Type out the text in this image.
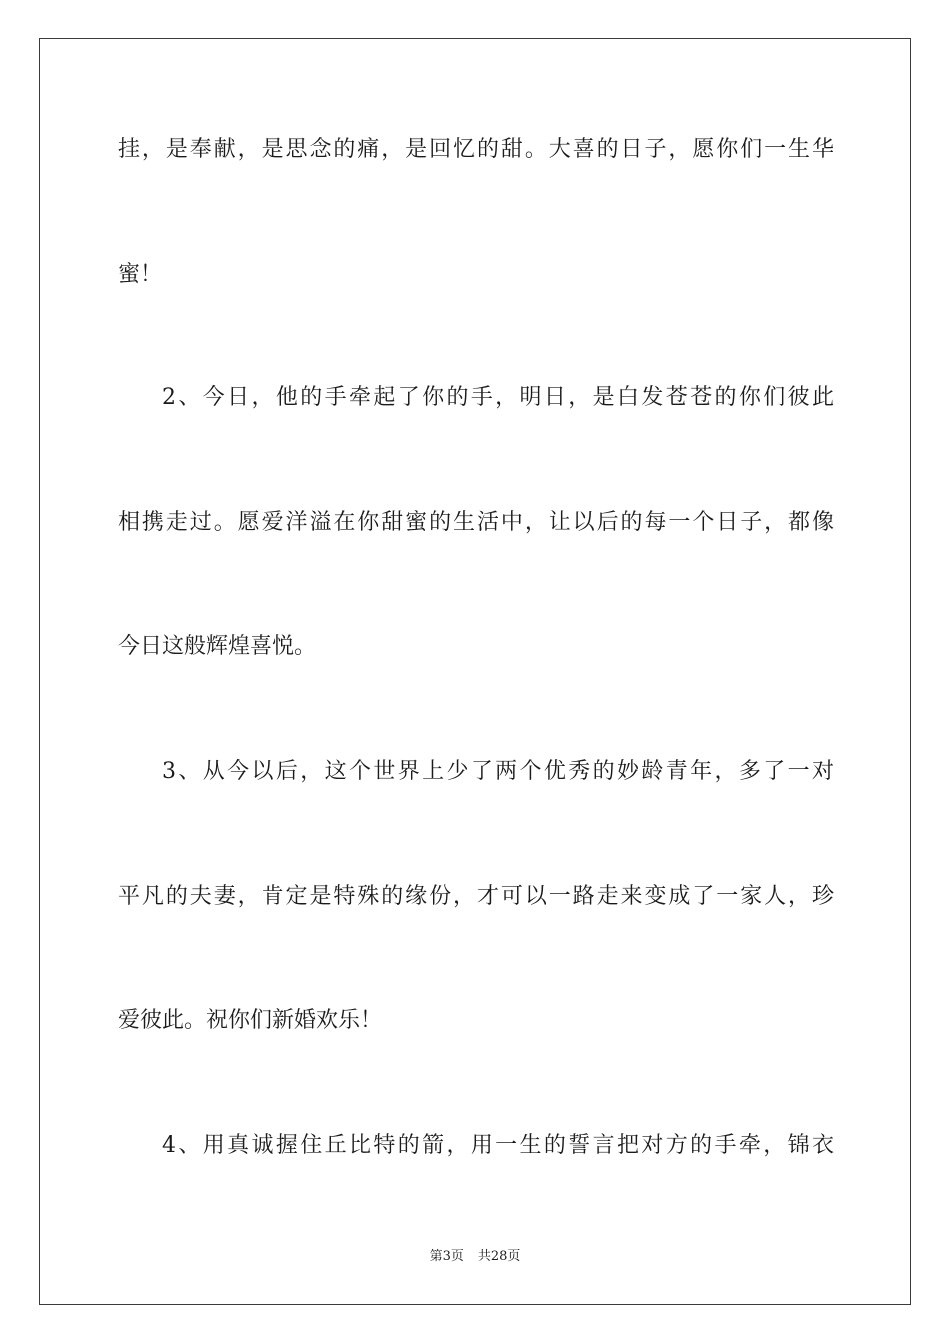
挂，是奉献，是思念的痛，是回忆的甜。大喜的日子，愿你们一生华
蜜！
2、今日，他的手牵起了你的手，明日，是白发苍苍的你们彼此
相携走过。愿爱洋溢在你甜蜜的生活中，让以后的每一个日子，都像
今日这般辉煌喜悦。
3、从今以后，这个世界上少了两个优秀的妙龄青年，多了一对
平凡的夫妻，肯定是特殊的缘份，才可以一路走来变成了一家人，珍
爱彼此。祝你们新婚欢乐！
4、用真诚握住丘比特的箭，用一生的誓言把对方的手牵，锦衣
第3页 共28页
